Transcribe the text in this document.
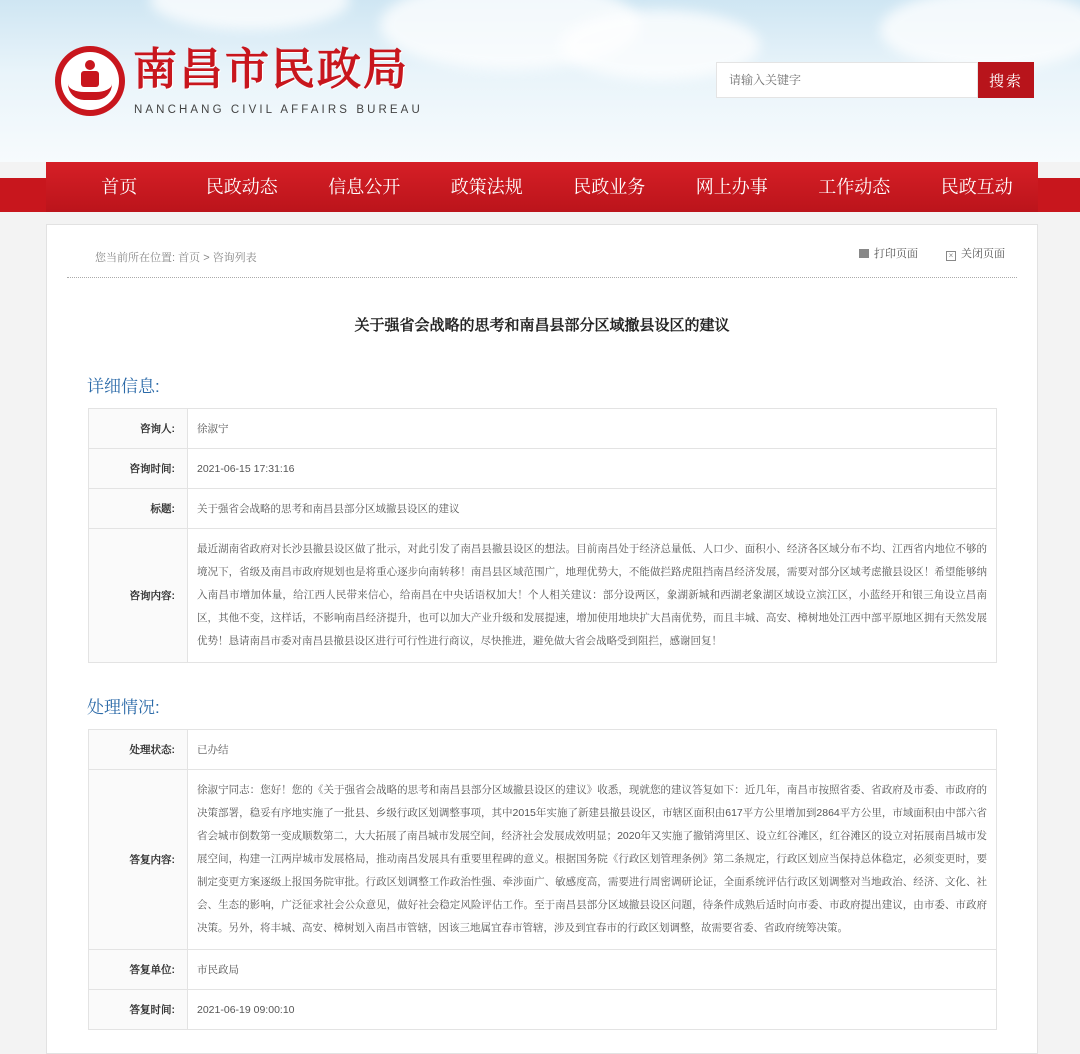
南昌市民政局
NANCHANG CIVIL AFFAIRS BUREAU
请输入关键字
搜索
首页	民政动态	信息公开	政策法规	民政业务	网上办事	工作动态	民政互动
您当前所在位置: 首页 > 咨询列表	打印页面	× 关闭页面
关于强省会战略的思考和南昌县部分区域撤县设区的建议
详细信息:
咨询人:	徐淑宁
咨询时间:	2021-06-15 17:31:16
标题:	关于强省会战略的思考和南昌县部分区域撤县设区的建议
咨询内容:	最近湖南省政府对长沙县撤县设区做了批示，对此引发了南昌县撤县设区的想法。目前南昌处于经济总量低、人口少、面积小、经济各区域分布不均、江西省内地位不够的境况下，省级及南昌市政府规划也是将重心逐步向南转移！南昌县区域范围广，地理优势大，不能做拦路虎阻挡南昌经济发展，需要对部分区域考虑撤县设区！希望能够纳入南昌市增加体量，给江西人民带来信心，给南昌在中央话语权加大！个人相关建议：部分设两区，象湖新城和西湖老象湖区域设立滨江区，小蓝经开和银三角设立昌南区，其他不变，这样话，不影响南昌经济提升，也可以加大产业升级和发展提速，增加使用地块扩大昌南优势，而且丰城、高安、樟树地处江西中部平原地区拥有天然发展优势！恳请南昌市委对南昌县撤县设区进行可行性进行商议，尽快推进，避免做大省会战略受到阻拦，感谢回复！
处理情况:
处理状态:	已办结
答复内容:	徐淑宁同志：您好！您的《关于强省会战略的思考和南昌县部分区域撤县设区的建议》收悉，现就您的建议答复如下：近几年，南昌市按照省委、省政府及市委、市政府的决策部署，稳妥有序地实施了一批县、乡级行政区划调整事项，其中2015年实施了新建县撤县设区，市辖区面积由617平方公里增加到2864平方公里，市域面积由中部六省省会城市倒数第一变成顺数第二，大大拓展了南昌城市发展空间，经济社会发展成效明显；2020年又实施了撤销湾里区、设立红谷滩区，红谷滩区的设立对拓展南昌城市发展空间，构建一江两岸城市发展格局，推动南昌发展具有重要里程碑的意义。根据国务院《行政区划管理条例》第二条规定，行政区划应当保持总体稳定，必须变更时，要制定变更方案逐级上报国务院审批。行政区划调整工作政治性强、牵涉面广、敏感度高，需要进行周密调研论证，全面系统评估行政区划调整对当地政治、经济、文化、社会、生态的影响，广泛征求社会公众意见，做好社会稳定风险评估工作。至于南昌县部分区域撤县设区问题，待条件成熟后适时向市委、市政府提出建议，由市委、市政府决策。另外，将丰城、高安、樟树划入南昌市管辖，因该三地属宜春市管辖，涉及到宜春市的行政区划调整，故需要省委、省政府统筹决策。
答复单位:	市民政局
答复时间:	2021-06-19 09:00:10
